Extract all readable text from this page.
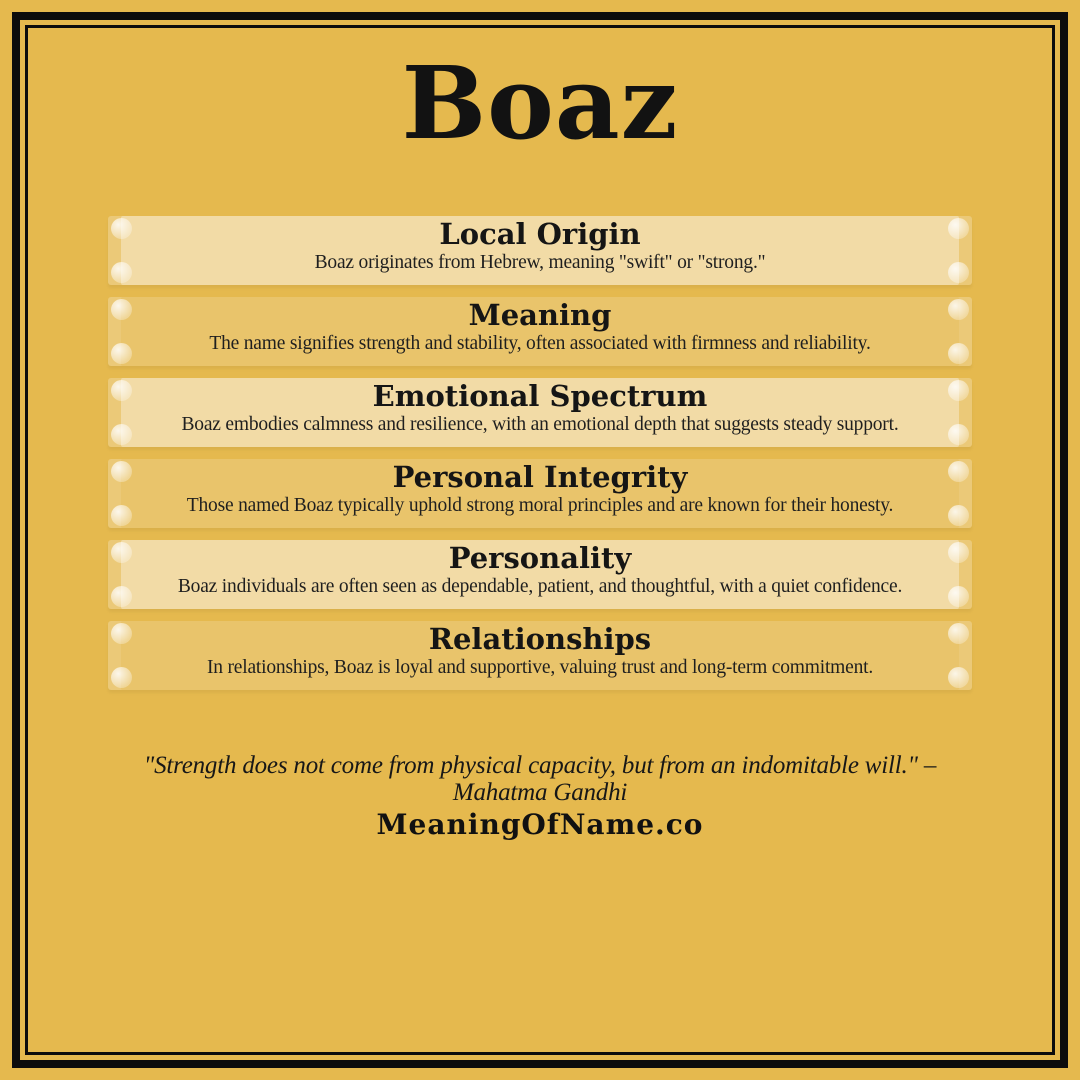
Boaz
Local Origin

Boaz originates from Hebrew, meaning "swift" or "strong."

Meaning

The name signifies strength and stability, often associated with firmness and reliability.

Emotional Spectrum

Boaz embodies calmness and resilience, with an emotional depth that suggests steady support.

Personal Integrity

Those named Boaz typically uphold strong moral principles and are known for their honesty.

Personality

Boaz individuals are often seen as dependable, patient, and thoughtful, with a quiet confidence.

Relationships

In relationships, Boaz is loyal and supportive, valuing trust and long-term commitment.

"Strength does not come from physical capacity, but from an indomitable will." –
Mahatma Gandhi

MeaningOfName.co
